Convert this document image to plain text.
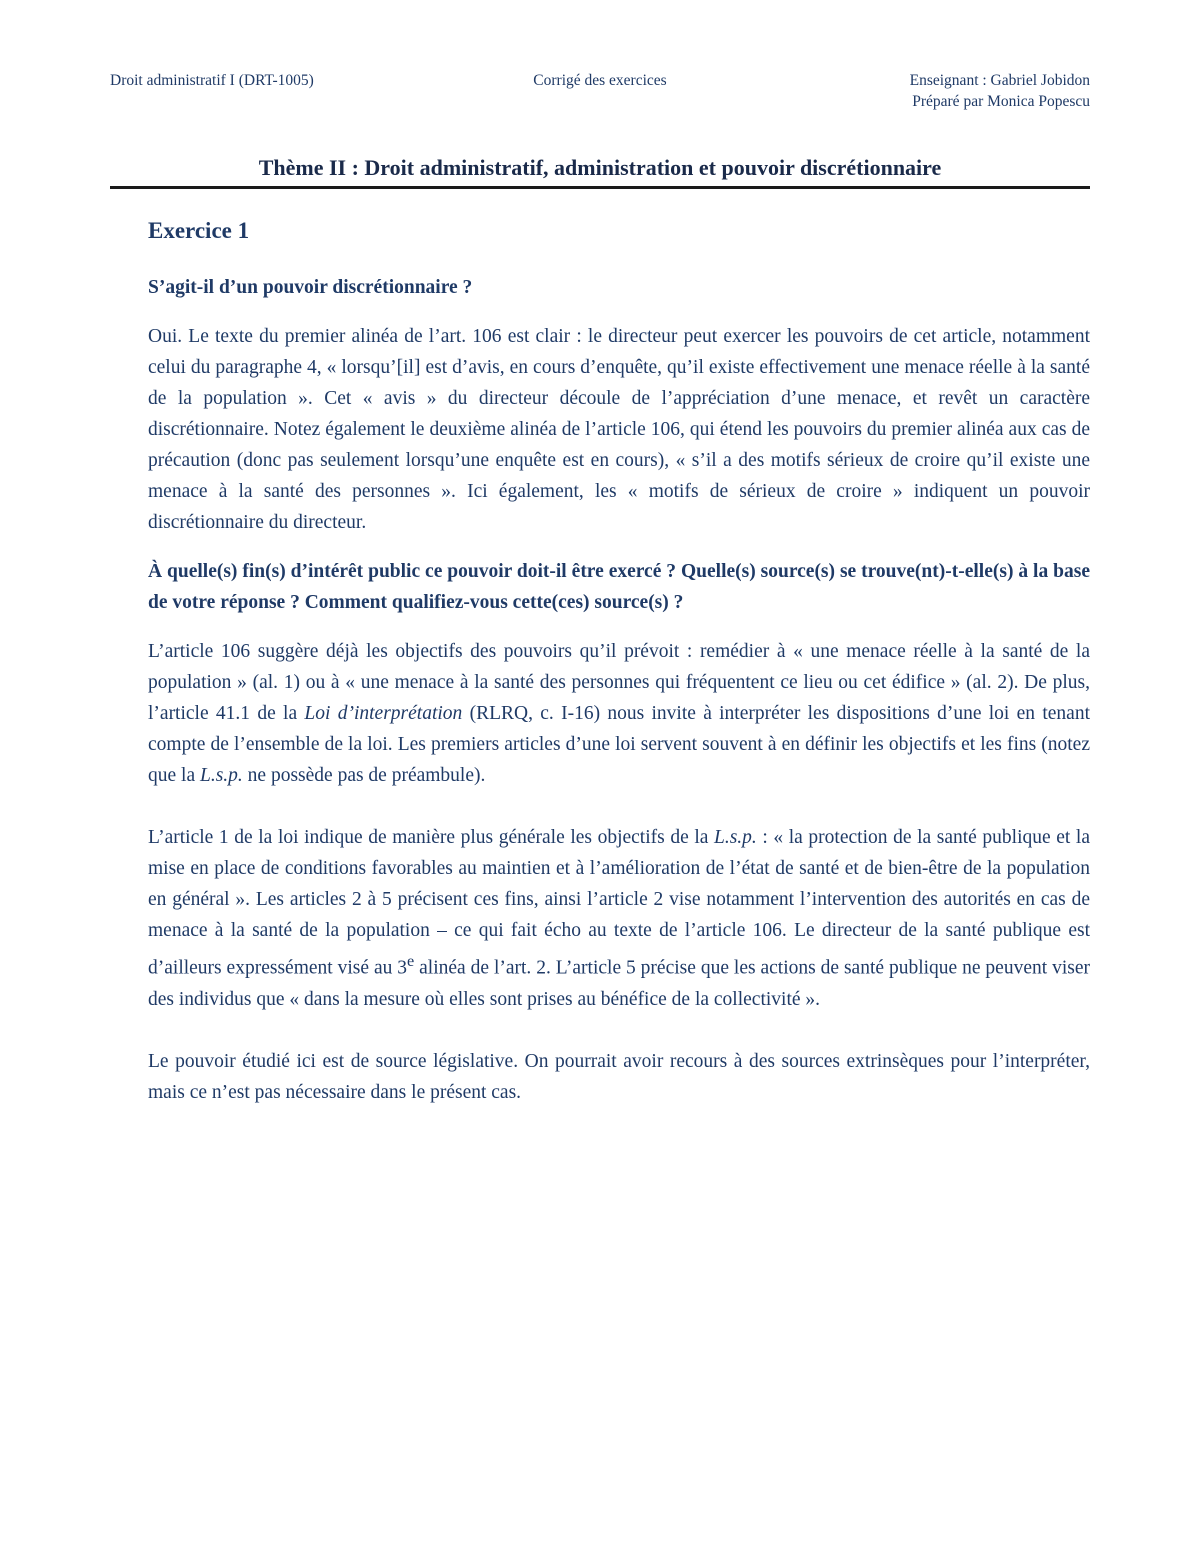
Corrigé des exercices
Droit administratif I (DRT-1005)	Enseignant : Gabriel Jobidon
Préparé par Monica Popescu
Thème II : Droit administratif, administration et pouvoir discrétionnaire
Exercice 1
S’agit-il d’un pouvoir discrétionnaire ?

Oui. Le texte du premier alinéa de l’art. 106 est clair : le directeur peut exercer les pouvoirs de cet article, notamment celui du paragraphe 4, « lorsqu’[il] est d’avis, en cours d’enquête, qu’il existe effectivement une menace réelle à la santé de la population ». Cet « avis » du directeur découle de l’appréciation d’une menace, et revêt un caractère discrétionnaire. Notez également le deuxième alinéa de l’article 106, qui étend les pouvoirs du premier alinéa aux cas de précaution (donc pas seulement lorsqu’une enquête est en cours), « s’il a des motifs sérieux de croire qu’il existe une menace à la santé des personnes ». Ici également, les « motifs de sérieux de croire » indiquent un pouvoir discrétionnaire du directeur.

À quelle(s) fin(s) d’intérêt public ce pouvoir doit-il être exercé ? Quelle(s) source(s) se trouve(nt)-t-elle(s) à la base de votre réponse ? Comment qualifiez-vous cette(ces) source(s) ?

L’article 106 suggère déjà les objectifs des pouvoirs qu’il prévoit : remédier à « une menace réelle à la santé de la population » (al. 1) ou à « une menace à la santé des personnes qui fréquentent ce lieu ou cet édifice » (al. 2). De plus, l’article 41.1 de la Loi d’interprétation (RLRQ, c. I-16) nous invite à interpréter les dispositions d’une loi en tenant compte de l’ensemble de la loi. Les premiers articles d’une loi servent souvent à en définir les objectifs et les fins (notez que la L.s.p. ne possède pas de préambule).

L’article 1 de la loi indique de manière plus générale les objectifs de la L.s.p. : « la protection de la santé publique et la mise en place de conditions favorables au maintien et à l’amélioration de l’état de santé et de bien-être de la population en général ». Les articles 2 à 5 précisent ces fins, ainsi l’article 2 vise notamment l’intervention des autorités en cas de menace à la santé de la population – ce qui fait écho au texte de l’article 106. Le directeur de la santé publique est d’ailleurs expressément visé au 3e alinéa de l’art. 2. L’article 5 précise que les actions de santé publique ne peuvent viser des individus que « dans la mesure où elles sont prises au bénéfice de la collectivité ».

Le pouvoir étudié ici est de source législative. On pourrait avoir recours à des sources extrinsèques pour l’interpréter, mais ce n’est pas nécessaire dans le présent cas.
